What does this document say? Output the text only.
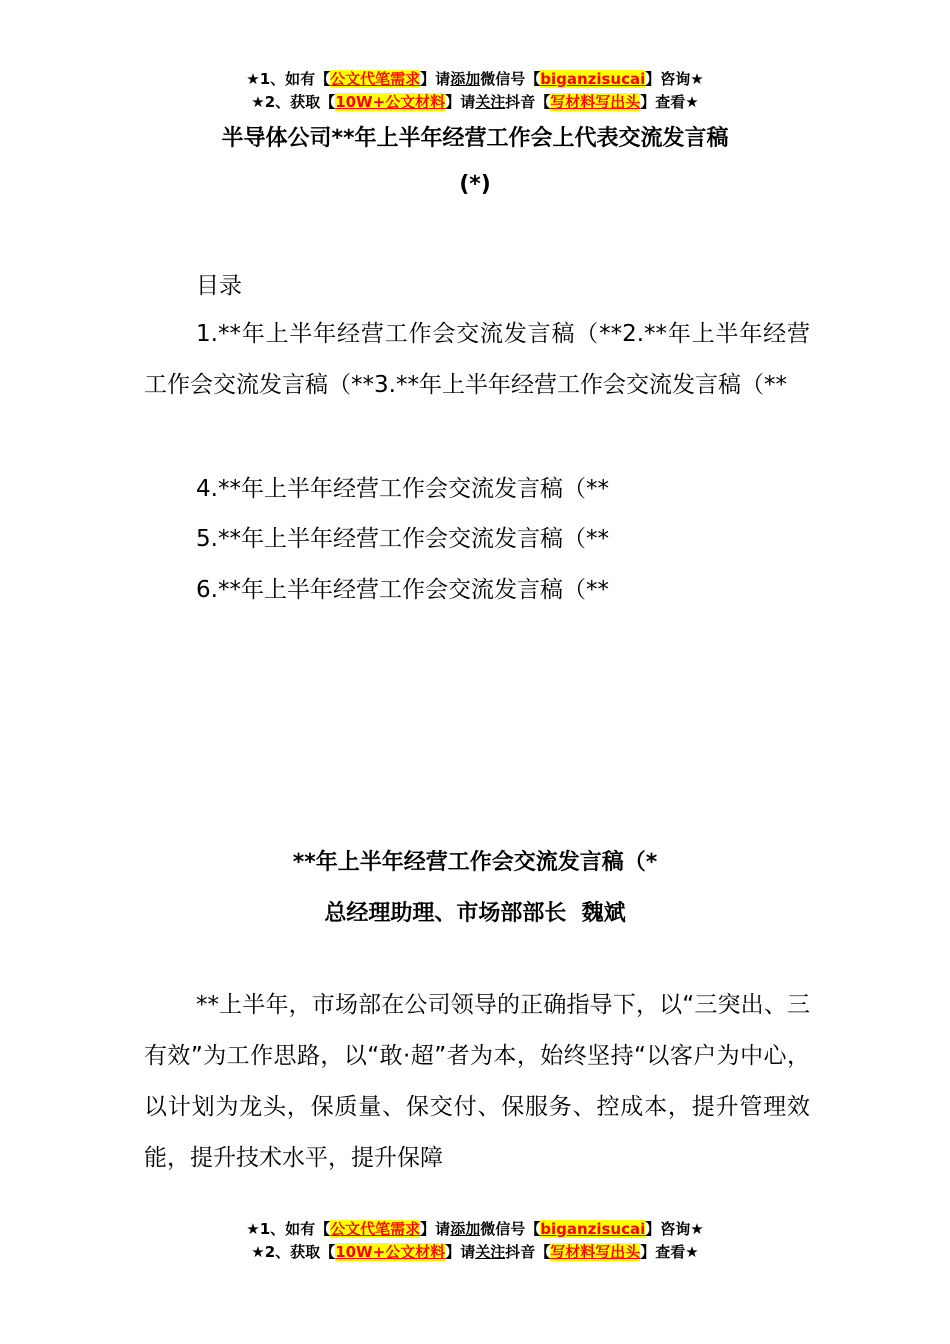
★1、如有【公文代笔需求】请添加微信号【biganzisucai】咨询★
★2、获取【10W+公文材料】请关注抖音【写材料写出头】查看★
半导体公司**年上半年经营工作会上代表交流发言稿
(*)
目录
1.**年上半年经营工作会交流发言稿（**2.**年上半年经营工作会交流发言稿（**3.**年上半年经营工作会交流发言稿（**
4.**年上半年经营工作会交流发言稿（**
5.**年上半年经营工作会交流发言稿（**
6.**年上半年经营工作会交流发言稿（**
**年上半年经营工作会交流发言稿（*
总经理助理、市场部部长  魏斌
**上半年，市场部在公司领导的正确指导下，以“三突出、三有效”为工作思路，以“敢·超”者为本，始终坚持“以客户为中心，以计划为龙头，保质量、保交付、保服务、控成本，提升管理效能，提升技术水平，提升保障
★1、如有【公文代笔需求】请添加微信号【biganzisucai】咨询★
★2、获取【10W+公文材料】请关注抖音【写材料写出头】查看★
